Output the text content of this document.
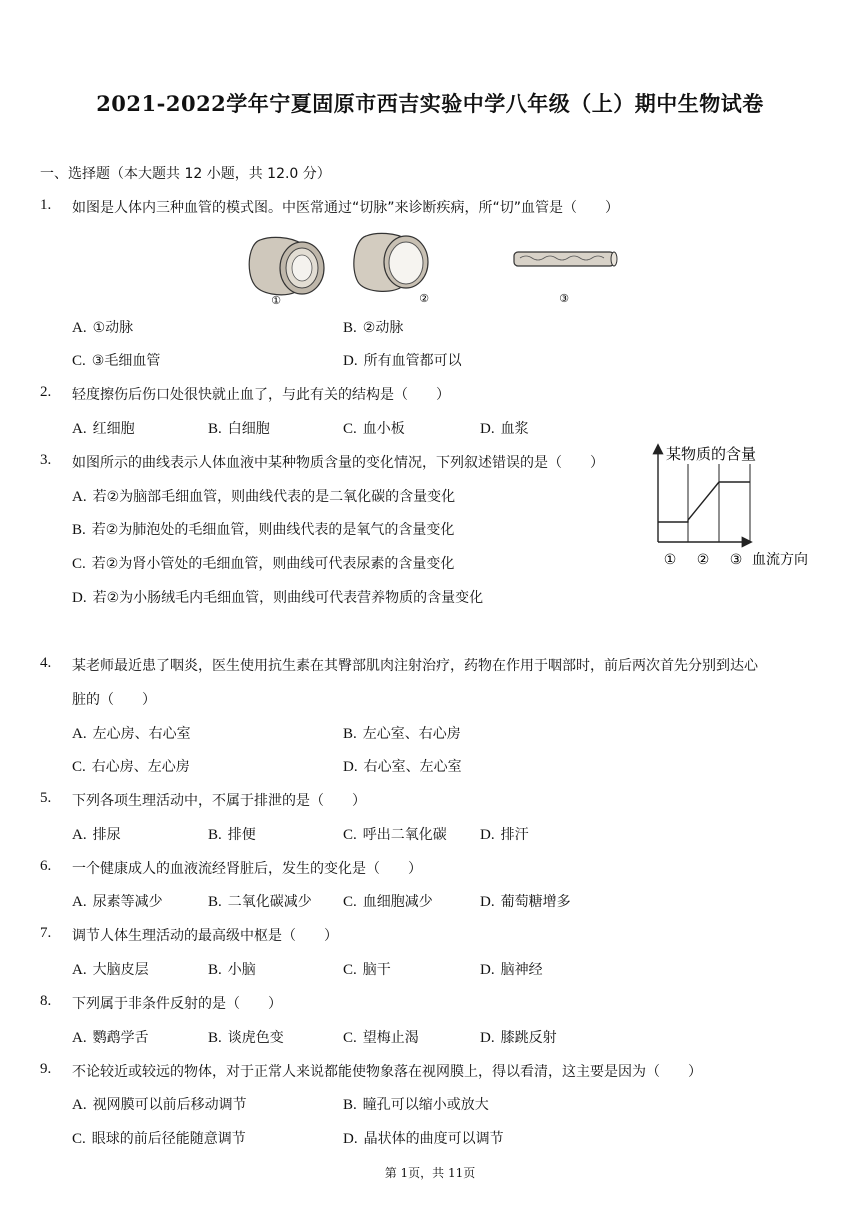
2021-2022学年宁夏固原市西吉实验中学八年级（上）期中生物试卷
一、选择题（本大题共 12 小题，共 12.0 分）
1. 如图是人体内三种血管的模式图。中医常通过“切脉”来诊断疾病，所“切”血管是（　　）
①	②	③
A. ①动脉	B. ②动脉
C. ③毛细血管	D. 所有血管都可以
2. 轻度擦伤后伤口处很快就止血了，与此有关的结构是（　　）
A. 红细胞	B. 白细胞	C. 血小板	D. 血浆
3. 如图所示的曲线表示人体血液中某种物质含量的变化情况，下列叙述错误的是（　　）
A. 若②为脑部毛细血管，则曲线代表的是二氧化碳的含量变化
B. 若②为肺泡处的毛细血管，则曲线代表的是氧气的含量变化
C. 若②为肾小管处的毛细血管，则曲线可代表尿素的含量变化
D. 若②为小肠绒毛内毛细血管，则曲线可代表营养物质的含量变化
某物质的含量
① ② ③ 血流方向
4. 某老师最近患了咽炎，医生使用抗生素在其臀部肌肉注射治疗，药物在作用于咽部时，前后两次首先分别到达心
脏的（　　）
A. 左心房、右心室	B. 左心室、右心房
C. 右心房、左心房	D. 右心室、左心室
5. 下列各项生理活动中，不属于排泄的是（　　）
A. 排尿	B. 排便	C. 呼出二氧化碳 D. 排汗
6. 一个健康成人的血液流经肾脏后，发生的变化是（　　）
A. 尿素等减少	B. 二氧化碳减少 C. 血细胞减少	D. 葡萄糖增多
7. 调节人体生理活动的最高级中枢是（　　）
A. 大脑皮层	B. 小脑	C. 脑干	D. 脑神经
8. 下列属于非条件反射的是（　　）
A. 鹦鹉学舌	B. 谈虎色变	C. 望梅止渴	D. 膝跳反射
9. 不论较近或较远的物体，对于正常人来说都能使物象落在视网膜上，得以看清，这主要是因为（　　）
A. 视网膜可以前后移动调节	B. 瞳孔可以缩小或放大
C. 眼球的前后径能随意调节	D. 晶状体的曲度可以调节
第 1页，共 11页
